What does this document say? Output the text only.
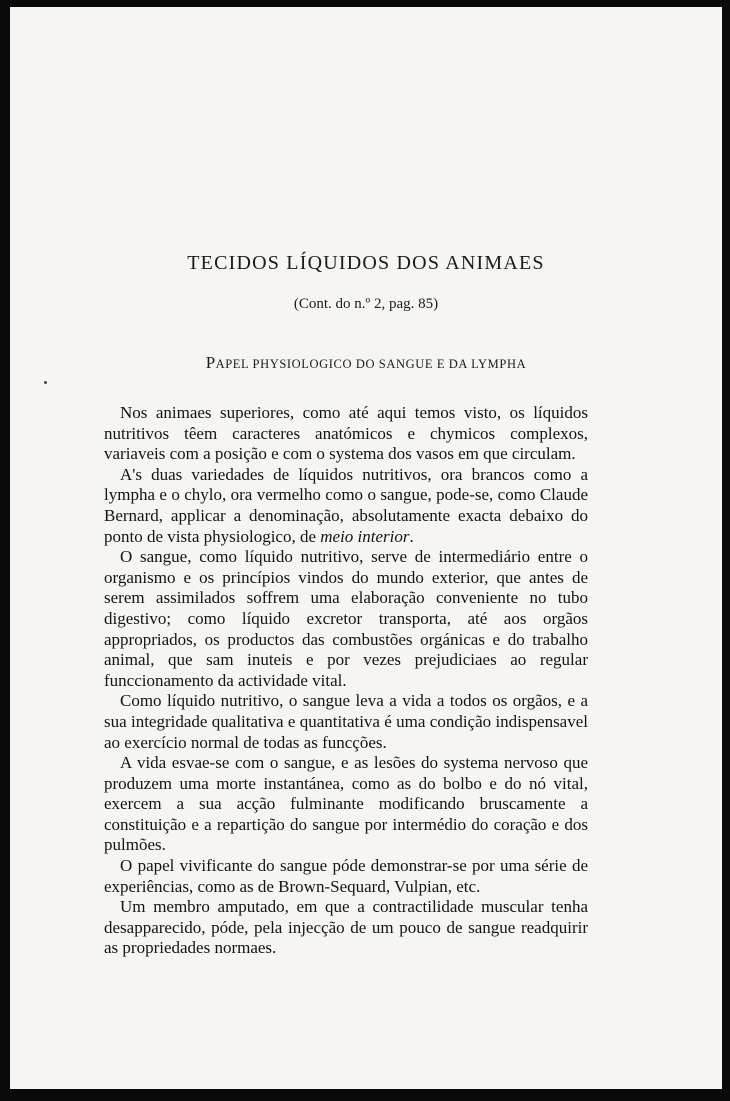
TECIDOS LÍQUIDOS DOS ANIMAES
(Cont. do n.º 2, pag. 85)
PAPEL PHYSIOLOGICO DO SANGUE E DA LYMPHA

Nos animaes superiores, como até aqui temos visto, os líquidos nutritivos têem caracteres anatómicos e chymicos complexos, variaveis com a posição e com o systema dos vasos em que circulam.

A's duas variedades de líquidos nutritivos, ora brancos como a lympha e o chylo, ora vermelho como o sangue, pode-se, como Claude Bernard, applicar a denominação, absolutamente exacta debaixo do ponto de vista physiologico, de meio interior.

O sangue, como líquido nutritivo, serve de intermediário entre o organismo e os princípios vindos do mundo exterior, que antes de serem assimilados soffrem uma elaboração conveniente no tubo digestivo; como líquido excretor transporta, até aos orgãos appropriados, os productos das combustões orgánicas e do trabalho animal, que sam inuteis e por vezes prejudiciaes ao regular funccionamento da actividade vital.

Como líquido nutritivo, o sangue leva a vida a todos os orgãos, e a sua integridade qualitativa e quantitativa é uma condição indispensavel ao exercício normal de todas as funcções.

A vida esvae-se com o sangue, e as lesões do systema nervoso que produzem uma morte instantánea, como as do bolbo e do nó vital, exercem a sua acção fulminante modificando bruscamente a constituição e a repartição do sangue por intermédio do coração e dos pulmões.

O papel vivificante do sangue póde demonstrar-se por uma série de experiências, como as de Brown-Sequard, Vulpian, etc.

Um membro amputado, em que a contractilidade muscular tenha desapparecido, póde, pela injecção de um pouco de sangue readquirir as propriedades normaes.
